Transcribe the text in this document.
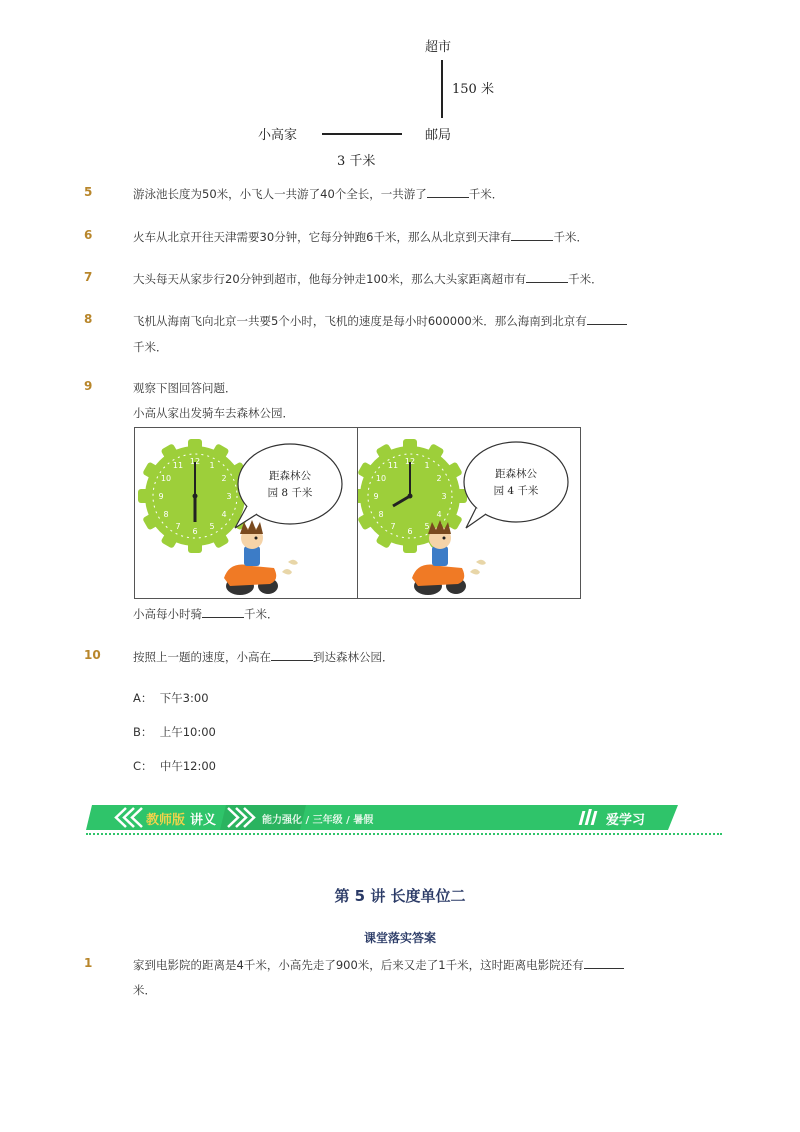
超市
150 米
小高家	邮局
3 千米
5	游泳池长度为50米，小飞人一共游了40个全长，一共游了	千米．
6	火车从北京开往天津需要30分钟，它每分钟跑6千米，那么从北京到天津有	千米．
7	大头每天从家步行20分钟到超市，他每分钟走100米，那么大头家距离超市有	千米．
8	飞机从海南飞向北京一共要5个小时，飞机的速度是每小时600000米．那么海南到北京有
千米．
9	观察下图回答问题．
小高从家出发骑车去森林公园．
12 1
2
3
4
5
6
7
8
9
10
11
距森林公
园 8 千米
12 1
2
3
4
5
6
7
8
9
10
11
距森林公
园 4 千米
小高每小时骑	千米．
10	按照上一题的速度，小高在	到达森林公园．
A： 下午3:00
B： 上午10:00
C： 中午12:00
教师版 讲义	能力强化 / 三年级 / 暑假	爱学习
第 5 讲 长度单位二
课堂落实答案
1	家到电影院的距离是4千米，小高先走了900米，后来又走了1千米，这时距离电影院还有
米．
